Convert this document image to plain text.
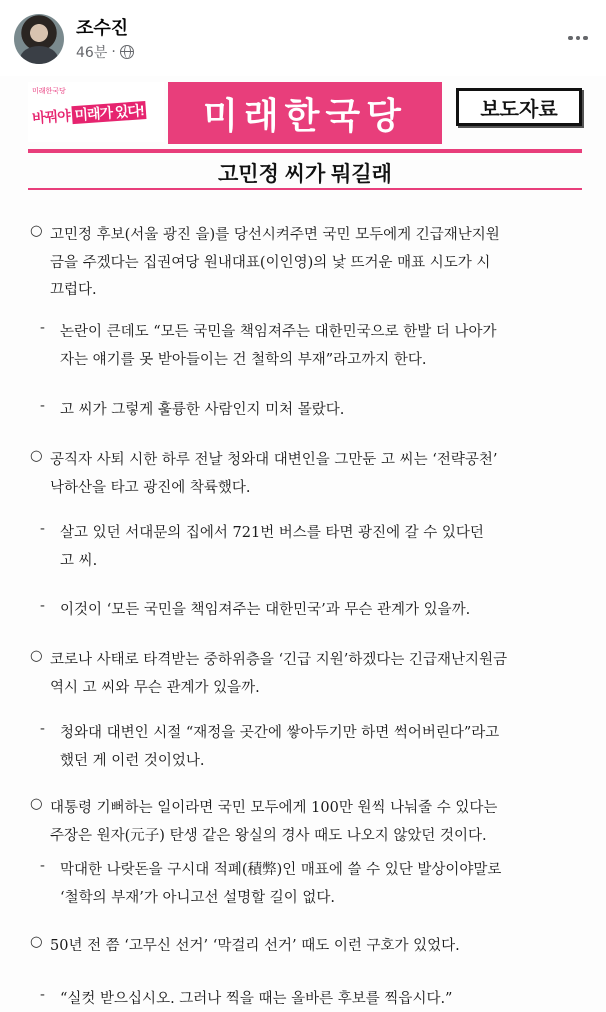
조수진
46분 ·
미래한국당
바꿔야 미래가 있다!	미래한국당	보도자료
고민정 씨가 뭐길래
○ 고민정 후보(서울 광진 을)를 당선시켜주면 국민 모두에게 긴급재난지원
금을 주겠다는 집권여당 원내대표(이인영)의 낯 뜨거운 매표 시도가 시
끄럽다.
- 논란이 큰데도 “모든 국민을 책임져주는 대한민국으로 한발 더 나아가
자는 얘기를 못 받아들이는 건 철학의 부재”라고까지 한다.
- 고 씨가 그렇게 훌륭한 사람인지 미처 몰랐다.
○ 공직자 사퇴 시한 하루 전날 청와대 대변인을 그만둔 고 씨는 ‘전략공천’
낙하산을 타고 광진에 착륙했다.
- 살고 있던 서대문의 집에서 721번 버스를 타면 광진에 갈 수 있다던
고 씨.
- 이것이 ‘모든 국민을 책임져주는 대한민국’과 무슨 관계가 있을까.
○ 코로나 사태로 타격받는 중하위층을 ‘긴급 지원’하겠다는 긴급재난지원금
역시 고 씨와 무슨 관계가 있을까.
- 청와대 대변인 시절 “재정을 곳간에 쌓아두기만 하면 썩어버린다”라고
했던 게 이런 것이었나.
○ 대통령 기뻐하는 일이라면 국민 모두에게 100만 원씩 나눠줄 수 있다는
주장은 원자(元子) 탄생 같은 왕실의 경사 때도 나오지 않았던 것이다.
- 막대한 나랏돈을 구시대 적폐(積弊)인 매표에 쓸 수 있단 발상이야말로
‘철학의 부재’가 아니고선 설명할 길이 없다.
○ 50년 전 쯤 ‘고무신 선거’ ‘막걸리 선거’ 때도 이런 구호가 있었다.
- “실컷 받으십시오. 그러나 찍을 때는 올바른 후보를 찍읍시다.”
